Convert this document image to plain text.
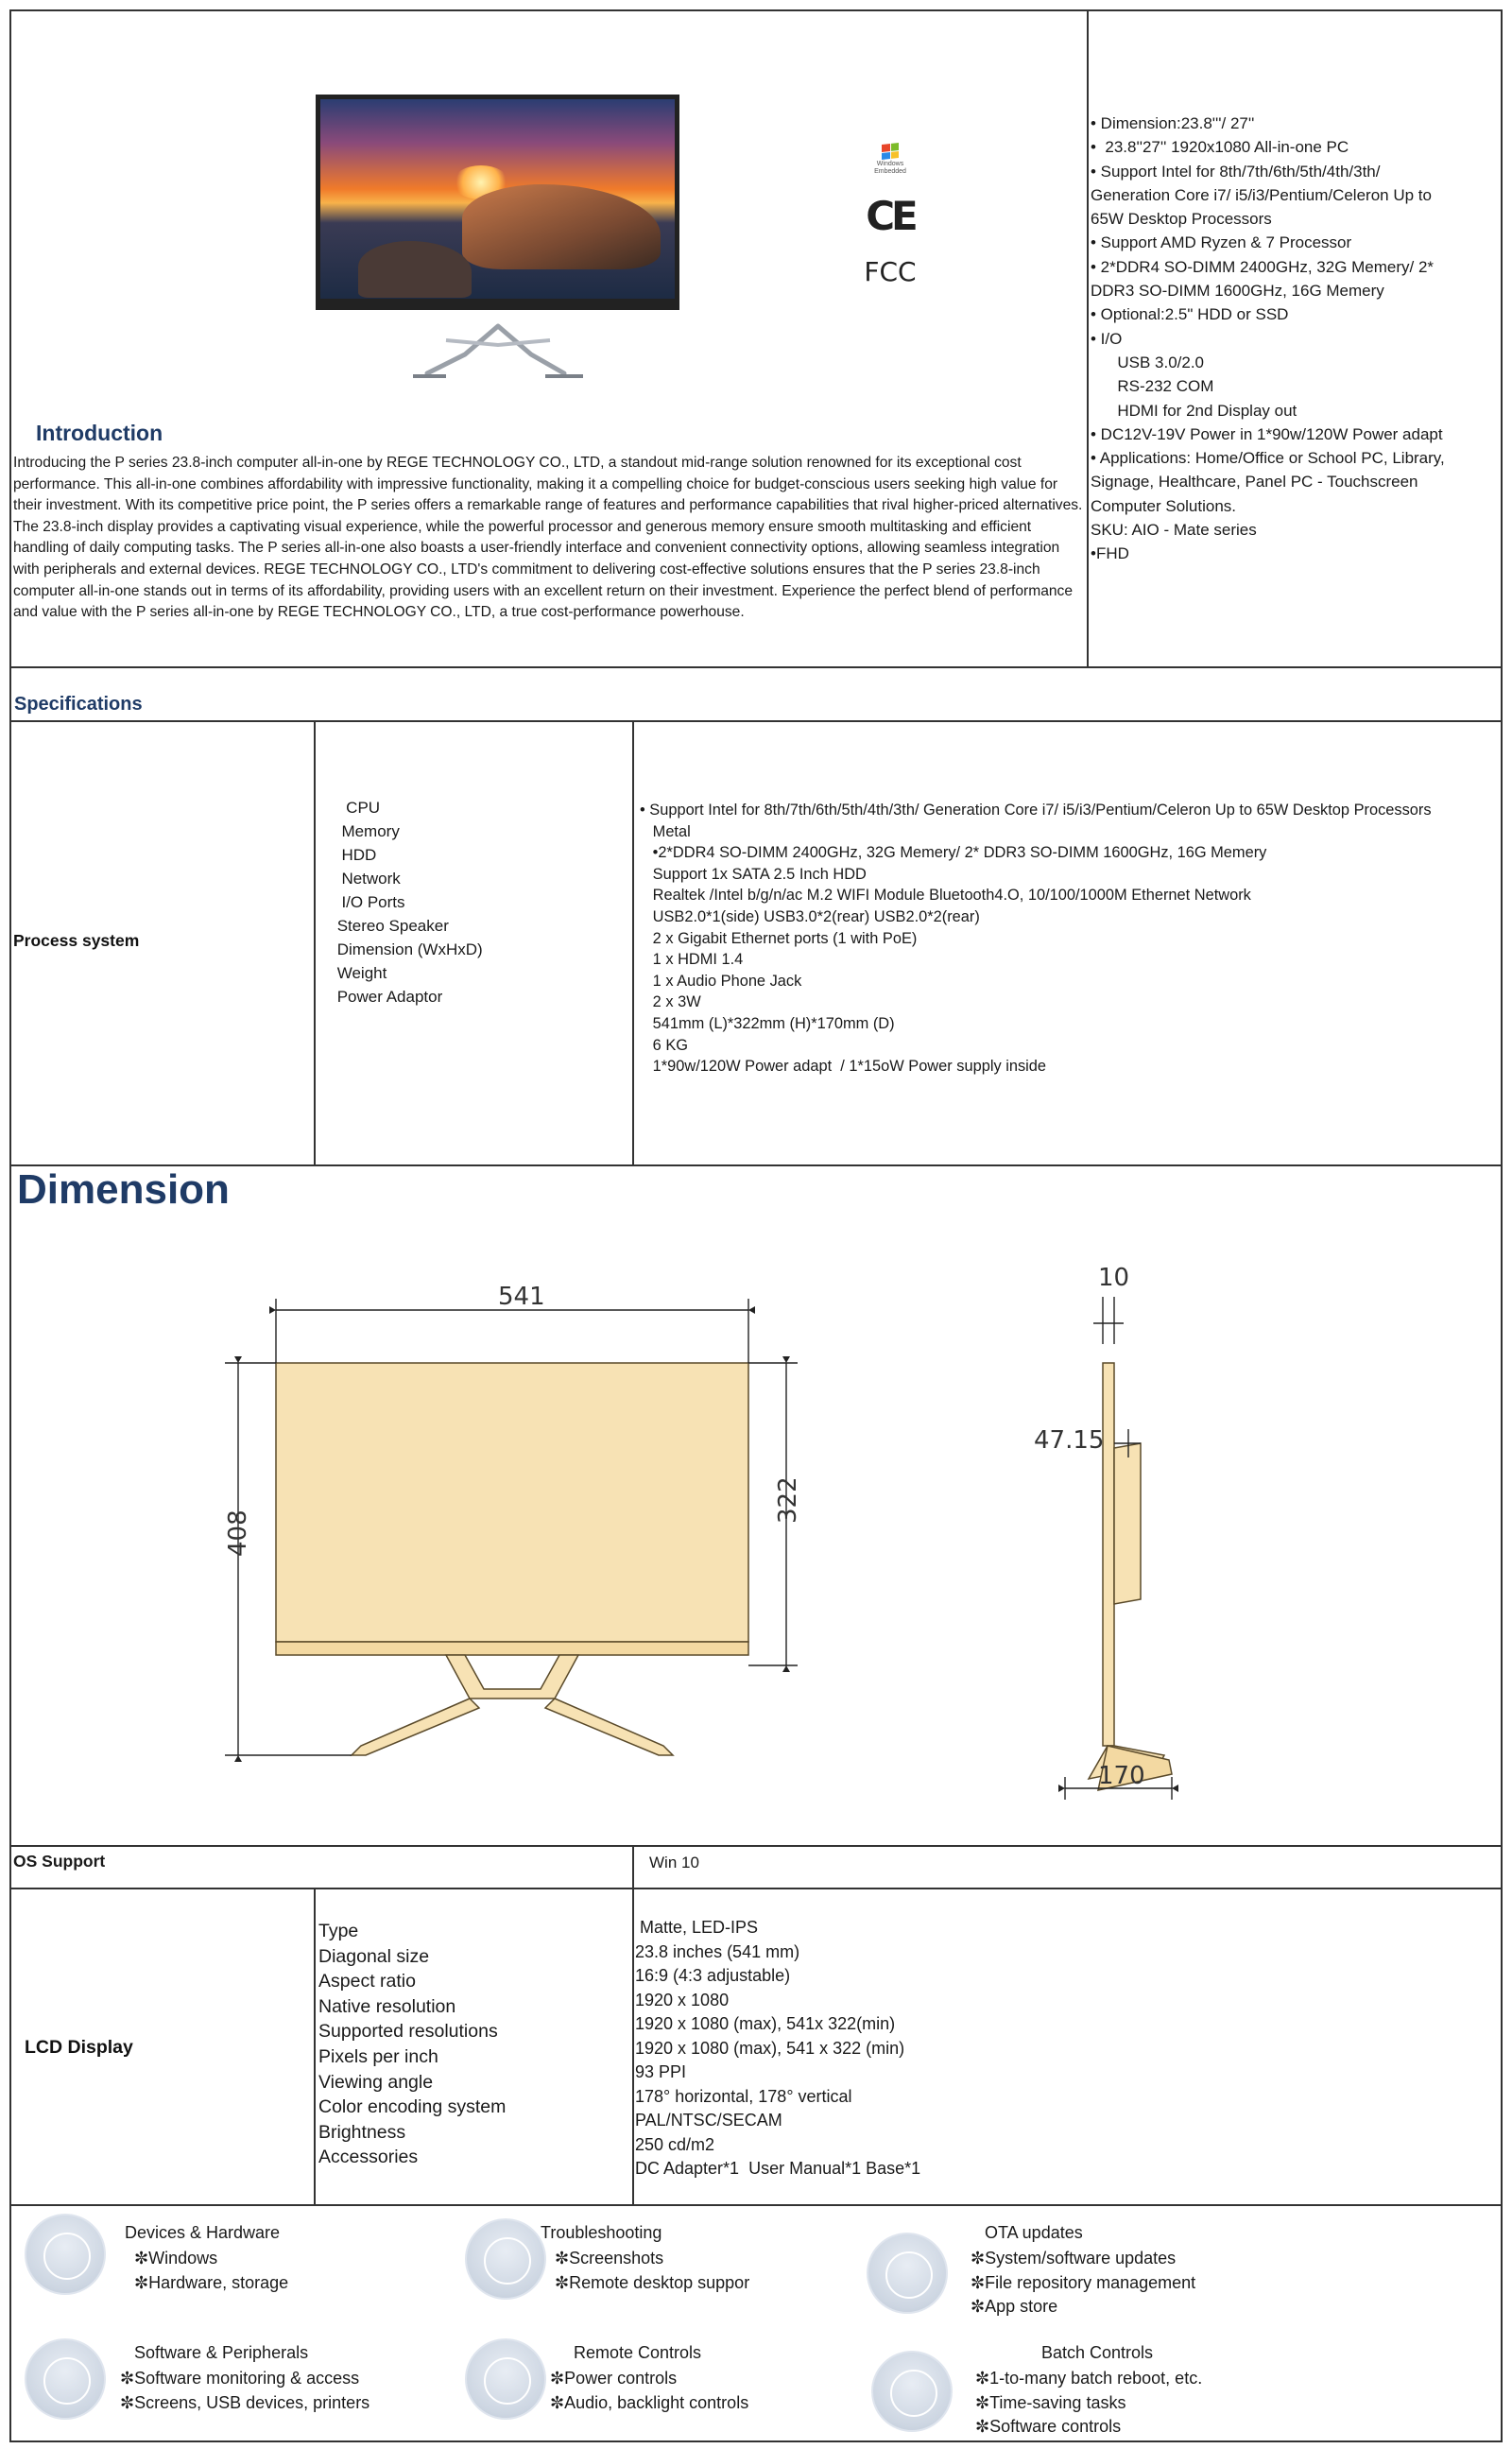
Windows
Embedded
CE
FCC
Introduction
Introducing the P series 23.8-inch computer all-in-one by REGE TECHNOLOGY CO., LTD, a standout mid-range solution renowned for its exceptional cost performance. This all-in-one combines affordability with impressive functionality, making it a compelling choice for budget-conscious users seeking high value for their investment. With its competitive price point, the P series offers a remarkable range of features and performance capabilities that rival higher-priced alternatives. The 23.8-inch display provides a captivating visual experience, while the powerful processor and generous memory ensure smooth multitasking and efficient handling of daily computing tasks. The P series all-in-one also boasts a user-friendly interface and convenient connectivity options, allowing seamless integration with peripherals and external devices. REGE TECHNOLOGY CO., LTD's commitment to delivering cost-effective solutions ensures that the P series 23.8-inch computer all-in-one stands out in terms of its affordability, providing users with an excellent return on their investment. Experience the perfect blend of performance and value with the P series all-in-one by REGE TECHNOLOGY CO., LTD, a true cost-performance powerhouse.
• Dimension:23.8'''/ 27''
•  23.8''27'' 1920x1080 All-in-one PC
• Support Intel for 8th/7th/6th/5th/4th/3th/
Generation Core i7/ i5/i3/Pentium/Celeron Up to
65W Desktop Processors
• Support AMD Ryzen & 7 Processor
• 2*DDR4 SO-DIMM 2400GHz, 32G Memery/ 2*
DDR3 SO-DIMM 1600GHz, 16G Memery
• Optional:2.5" HDD or SSD
• I/O
USB 3.0/2.0
RS-232 COM
HDMI for 2nd Display out
• DC12V-19V Power in 1*90w/120W Power adapt
• Applications: Home/Office or School PC, Library,
Signage, Healthcare, Panel PC - Touchscreen
Computer Solutions.
SKU: AIO - Mate series
•FHD
Specifications
Process system
CPU
Memory
HDD
Network
I/O Ports
Stereo Speaker
Dimension (WxHxD)
Weight
Power Adaptor
• Support Intel for 8th/7th/6th/5th/4th/3th/ Generation Core i7/ i5/i3/Pentium/Celeron Up to 65W Desktop Processors
Metal
•2*DDR4 SO-DIMM 2400GHz, 32G Memery/ 2* DDR3 SO-DIMM 1600GHz, 16G Memery
Support 1x SATA 2.5 Inch HDD
Realtek /Intel b/g/n/ac M.2 WIFI Module Bluetooth4.O, 10/100/1000M Ethernet Network
USB2.0*1(side) USB3.0*2(rear) USB2.0*2(rear)
2 x Gigabit Ethernet ports (1 with PoE)
1 x HDMI 1.4
1 x Audio Phone Jack
2 x 3W
541mm (L)*322mm (H)*170mm (D)
6 KG
1*90w/120W Power adapt  / 1*15oW Power supply inside
Dimension
541
408
322
10
47.15
170
OS Support	Win 10
LCD Display
Type
Diagonal size
Aspect ratio
Native resolution
Supported resolutions
Pixels per inch
Viewing angle
Color encoding system
Brightness
Accessories
Matte, LED-IPS
23.8 inches (541 mm)
16:9 (4:3 adjustable)
1920 x 1080
1920 x 1080 (max), 541x 322(min)
1920 x 1080 (max), 541 x 322 (min)
93 PPI
178° horizontal, 178° vertical
PAL/NTSC/SECAM
250 cd/m2
DC Adapter*1  User Manual*1 Base*1
Devices & Hardware
✼Windows
✼Hardware, storage
Troubleshooting
✼Screenshots
✼Remote desktop suppor
OTA updates
✼System/software updates
✼File repository management
✼App store
Software & Peripherals
✼Software monitoring & access
✼Screens, USB devices, printers
Remote Controls
✼Power controls
✼Audio, backlight controls
Batch Controls
✼1-to-many batch reboot, etc.
✼Time-saving tasks
✼Software controls
